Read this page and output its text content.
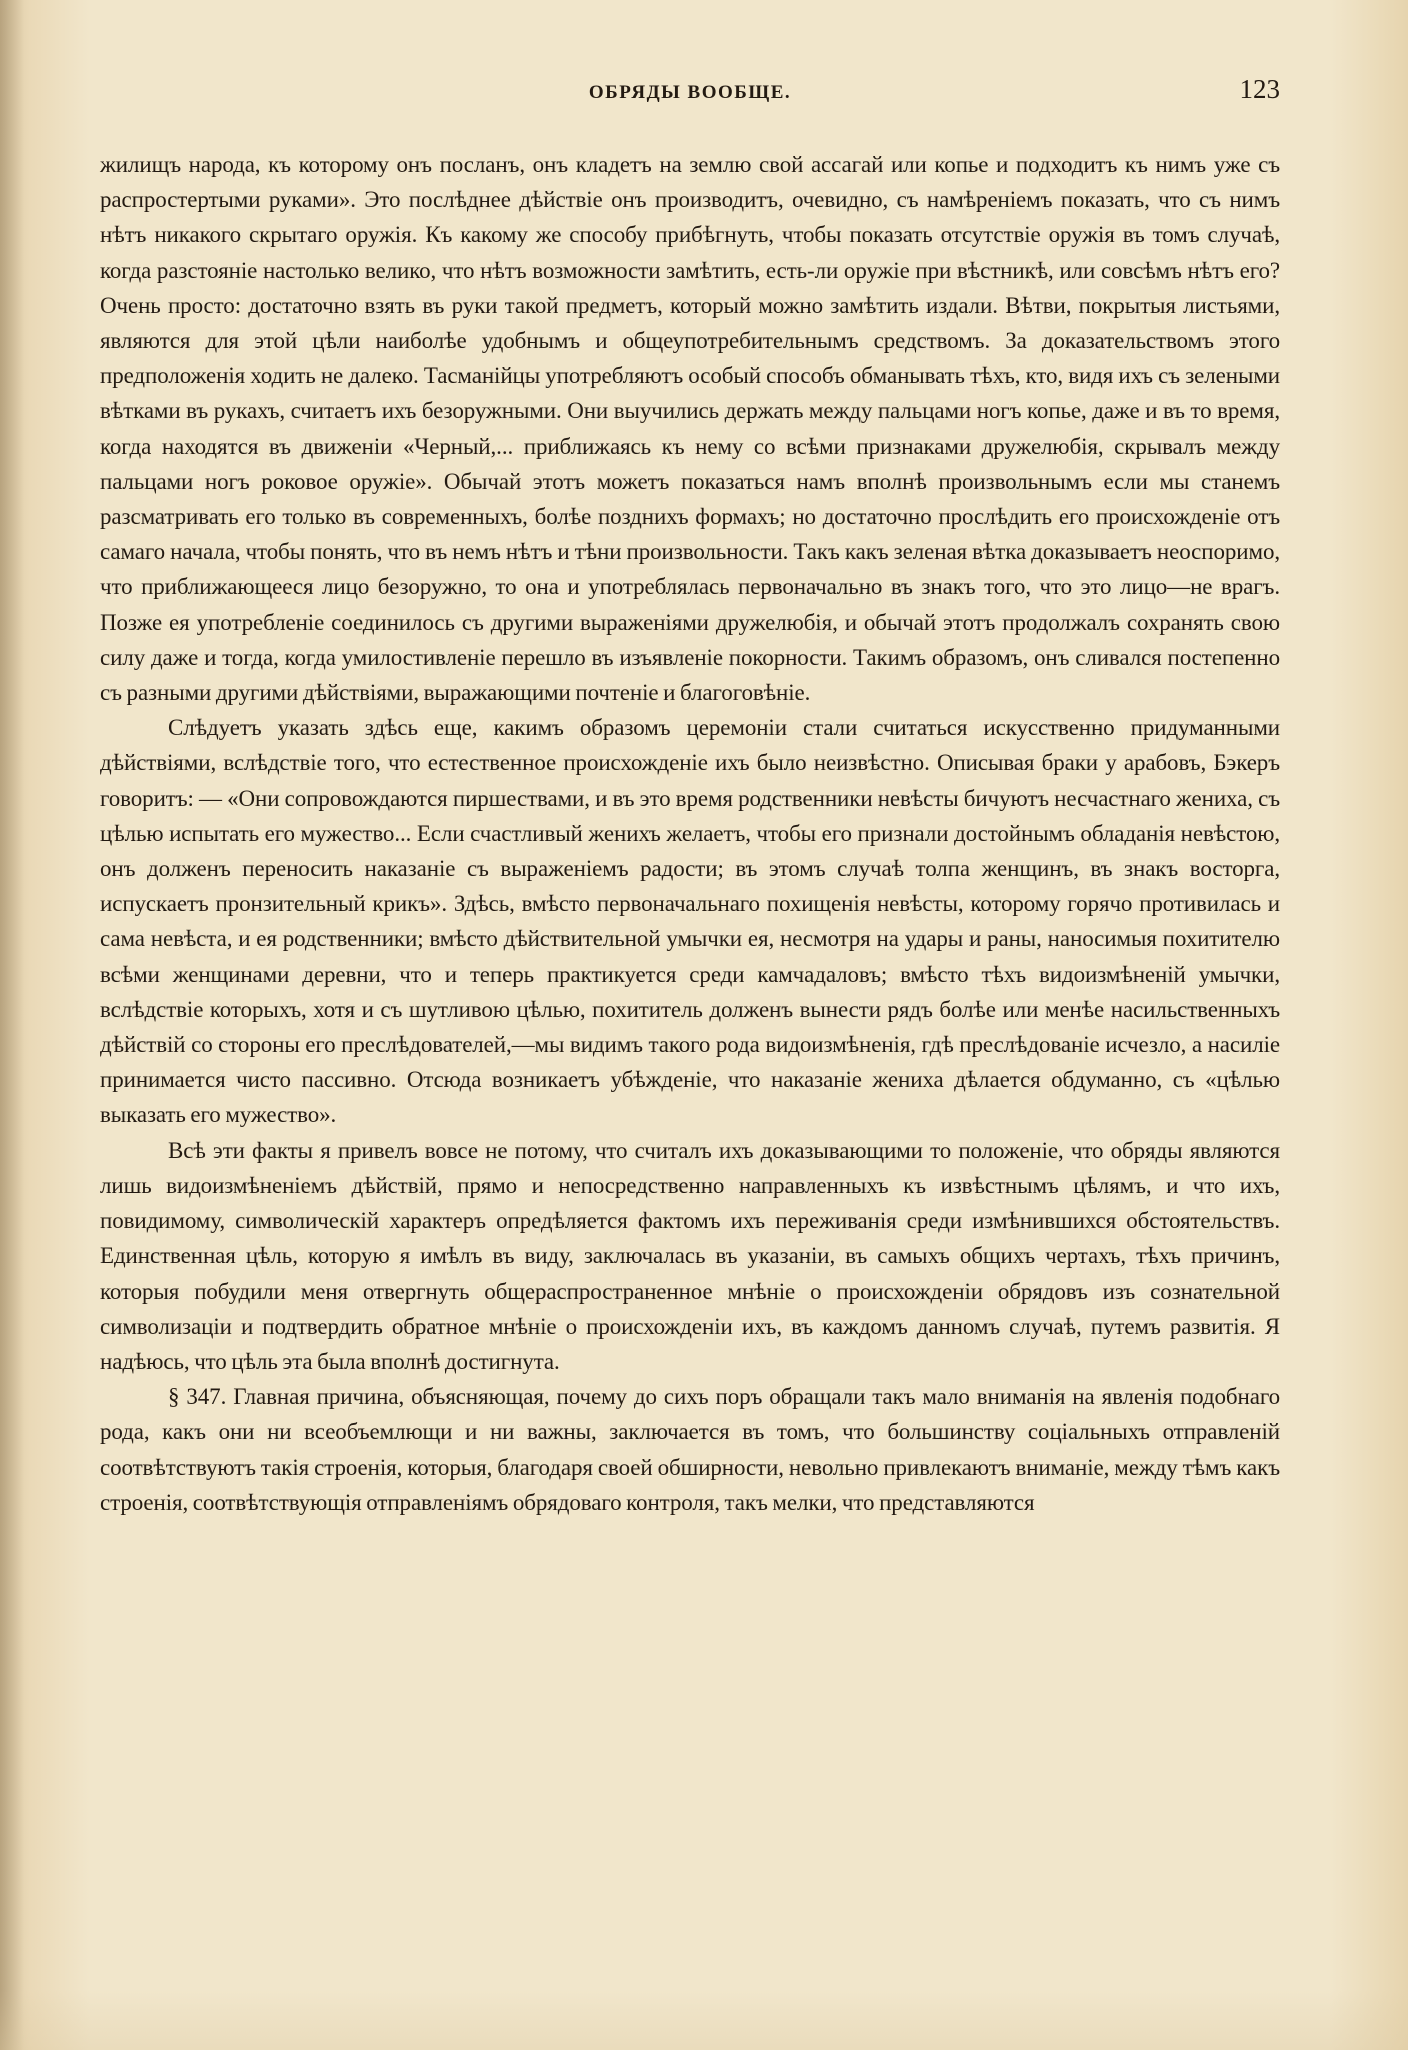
ОБРЯДЫ ВООБЩЕ.	123

жилищъ народа, къ которому онъ посланъ, онъ кладетъ на землю свой ассагай или копье и подходитъ къ нимъ уже съ распростертыми руками». Это послѣднее дѣйствіе онъ производитъ, очевидно, съ намѣреніемъ показать, что съ нимъ нѣтъ никакого скрытаго оружія. Къ какому же способу прибѣгнуть, чтобы показать отсутствіе оружія въ томъ случаѣ, когда разстояніе настолько велико, что нѣтъ возможности замѣтить, есть-ли оружіе при вѣстникѣ, или совсѣмъ нѣтъ его? Очень просто: достаточно взять въ руки такой предметъ, который можно замѣтить издали. Вѣтви, покрытыя листьями, являются для этой цѣли наиболѣе удобнымъ и общеупотребительнымъ средствомъ. За доказательствомъ этого предположенія ходить не далеко. Тасманійцы употребляютъ особый способъ обманывать тѣхъ, кто, видя ихъ съ зелеными вѣтками въ рукахъ, считаетъ ихъ безоружными. Они выучились держать между пальцами ногъ копье, даже и въ то время, когда находятся въ движеніи «Черный,... приближаясь къ нему со всѣми признаками дружелюбія, скрывалъ между пальцами ногъ роковое оружіе». Обычай этотъ можетъ показаться намъ вполнѣ произвольнымъ если мы станемъ разсматривать его только въ современныхъ, болѣе позднихъ формахъ; но достаточно прослѣдить его происхожденіе отъ самаго начала, чтобы понять, что въ немъ нѣтъ и тѣни произвольности. Такъ какъ зеленая вѣтка доказываетъ неоспоримо, что приближающееся лицо безоружно, то она и употреблялась первоначально въ знакъ того, что это лицо—не врагъ. Позже ея употребленіе соединилось съ другими выраженіями дружелюбія, и обычай этотъ продолжалъ сохранять свою силу даже и тогда, когда умилостивленіе перешло въ изъявленіе покорности. Такимъ образомъ, онъ сливался постепенно съ разными другими дѣйствіями, выражающими почтеніе и благоговѣніе.

Слѣдуетъ указать здѣсь еще, какимъ образомъ церемоніи стали считаться искусственно придуманными дѣйствіями, вслѣдствіе того, что естественное происхожденіе ихъ было неизвѣстно. Описывая браки у арабовъ, Бэкеръ говоритъ: — «Они сопровождаются пиршествами, и въ это время родственники невѣсты бичуютъ несчастнаго жениха, съ цѣлью испытать его мужество... Если счастливый женихъ желаетъ, чтобы его признали достойнымъ обладанія невѣстою, онъ долженъ переносить наказаніе съ выраженіемъ радости; въ этомъ случаѣ толпа женщинъ, въ знакъ восторга, испускаетъ пронзительный крикъ». Здѣсь, вмѣсто первоначальнаго похищенія невѣсты, которому горячо противилась и сама невѣста, и ея родственники; вмѣсто дѣйствительной умычки ея, несмотря на удары и раны, наносимыя похитителю всѣми женщинами деревни, что и теперь практикуется среди камчадаловъ; вмѣсто тѣхъ видоизмѣненій умычки, вслѣдствіе которыхъ, хотя и съ шутливою цѣлью, похититель долженъ вынести рядъ болѣе или менѣе насильственныхъ дѣйствій со стороны его преслѣдователей,—мы видимъ такого рода видоизмѣненія, гдѣ преслѣдованіе исчезло, а насиліе принимается чисто пассивно. Отсюда возникаетъ убѣжденіе, что наказаніе жениха дѣлается обдуманно, съ «цѣлью выказать его мужество».

Всѣ эти факты я привелъ вовсе не потому, что считалъ ихъ доказывающими то положеніе, что обряды являются лишь видоизмѣненіемъ дѣйствій, прямо и непосредственно направленныхъ къ извѣстнымъ цѣлямъ, и что ихъ, повидимому, символическій характеръ опредѣляется фактомъ ихъ переживанія среди измѣнившихся обстоятельствъ. Единственная цѣль, которую я имѣлъ въ виду, заключалась въ указаніи, въ самыхъ общихъ чертахъ, тѣхъ причинъ, которыя побудили меня отвергнуть общераспространенное мнѣніе о происхожденіи обрядовъ изъ сознательной символизаціи и подтвердить обратное мнѣніе о происхожденіи ихъ, въ каждомъ данномъ случаѣ, путемъ развитія. Я надѣюсь, что цѣль эта была вполнѣ достигнута.

§ 347. Главная причина, объясняющая, почему до сихъ поръ обращали такъ мало вниманія на явленія подобнаго рода, какъ они ни всеобъемлющи и ни важны, заключается въ томъ, что большинству соціальныхъ отправленій соотвѣтствуютъ такія строенія, которыя, благодаря своей обширности, невольно привлекаютъ вниманіе, между тѣмъ какъ строенія, соотвѣтствующія отправленіямъ обрядоваго контроля, такъ мелки, что представляются
